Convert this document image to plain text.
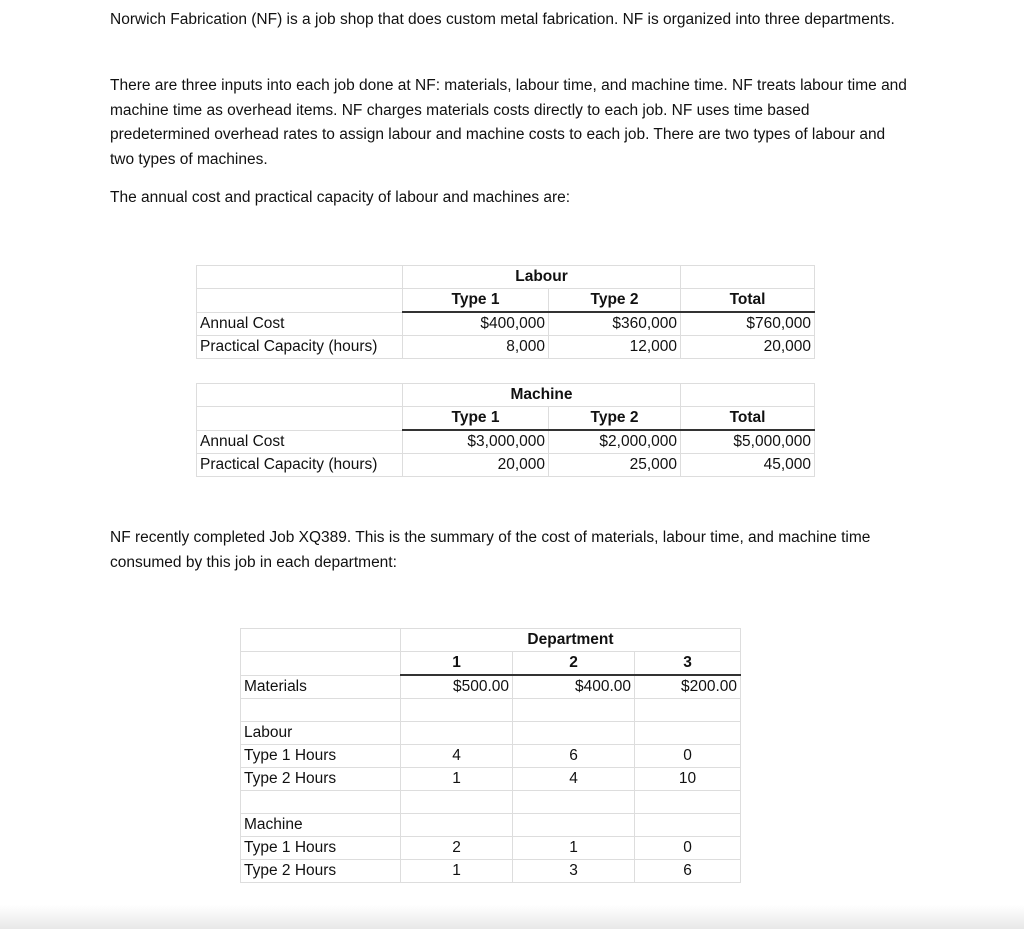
Norwich Fabrication (NF) is a job shop that does custom metal fabrication. NF is organized into three departments.

There are three inputs into each job done at NF: materials, labour time, and machine time. NF treats labour time and machine time as overhead items. NF charges materials costs directly to each job. NF uses time based predetermined overhead rates to assign labour and machine costs to each job. There are two types of labour and two types of machines.

The annual cost and practical capacity of labour and machines are:

	Labour		
	Type 1	Type 2	Total
Annual Cost	$400,000	$360,000	$760,000
Practical Capacity (hours)	8,000	12,000	20,000
	Machine		
	Type 1	Type 2	Total
Annual Cost	$3,000,000	$2,000,000	$5,000,000
Practical Capacity (hours)	20,000	25,000	45,000

NF recently completed Job XQ389. This is the summary of the cost of materials, labour time, and machine time consumed by this job in each department:

	Department		
	1	2	3
Materials	$500.00	$400.00	$200.00

Labour			
Type 1 Hours	4	6	0
Type 2 Hours	1	4	10

Machine			
Type 1 Hours	2	1	0
Type 2 Hours	1	3	6
